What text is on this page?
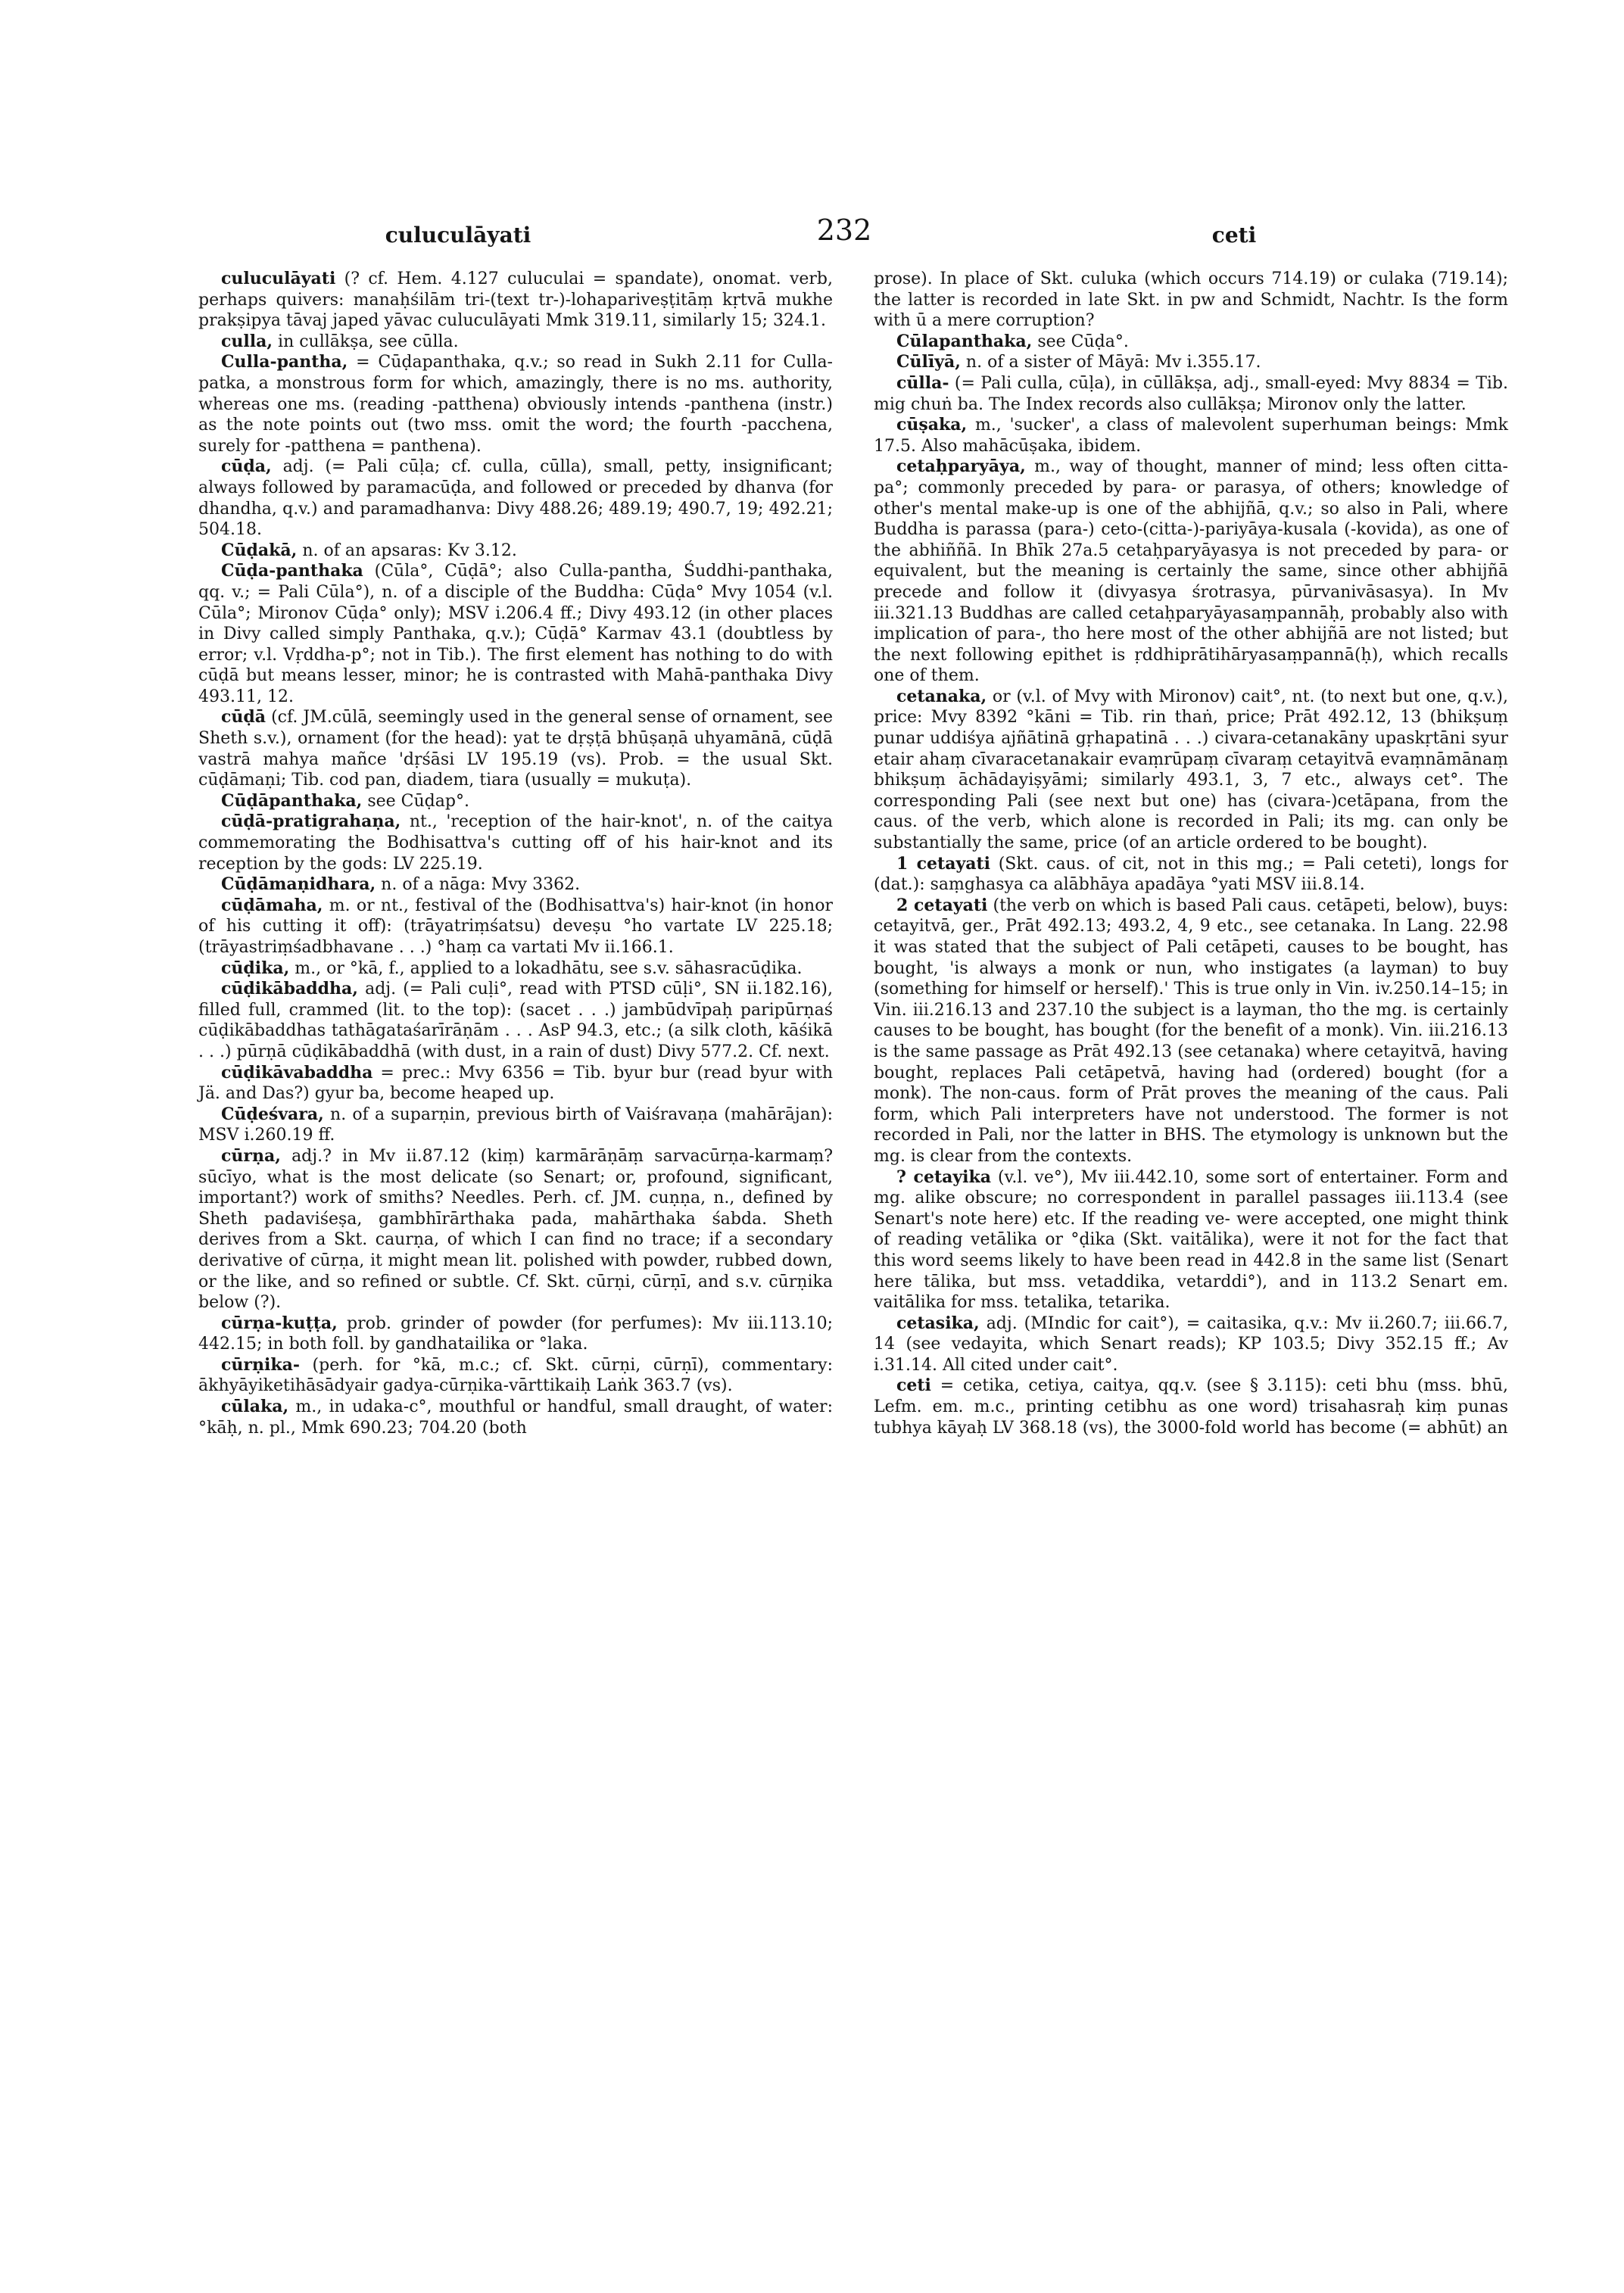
culuculāyati	232	ceti

culuculāyati (? cf. Hem. 4.127 culuculai = spandate), onomat. verb, perhaps quivers: manaḥśilām tri-(text tr-)-lohapariveṣṭitāṃ kṛtvā mukhe prakṣipya tāvaj japed yāvac culuculāyati Mmk 319.11, similarly 15; 324.1.

culla, in cullākṣa, see cūlla.

Culla-pantha, = Cūḍapanthaka, q.v.; so read in Sukh 2.11 for Culla-patka, a monstrous form for which, amazingly, there is no ms. authority, whereas one ms. (reading -patthena) obviously intends -panthena (instr.) as the note points out (two mss. omit the word; the fourth -pacchena, surely for -patthena = panthena).

cūḍa, adj. (= Pali cūḷa; cf. culla, cūlla), small, petty, insignificant; always followed by paramacūḍa, and followed or preceded by dhanva (for dhandha, q.v.) and paramadhanva: Divy 488.26; 489.19; 490.7, 19; 492.21; 504.18.

Cūḍakā, n. of an apsaras: Kv 3.12.

Cūḍa-panthaka (Cūla°, Cūḍā°; also Culla-pantha, Śuddhi-panthaka, qq. v.; = Pali Cūla°), n. of a disciple of the Buddha: Cūḍa° Mvy 1054 (v.l. Cūla°; Mironov Cūḍa° only); MSV i.206.4 ff.; Divy 493.12 (in other places in Divy called simply Panthaka, q.v.); Cūḍā° Karmav 43.1 (doubtless by error; v.l. Vṛddha-p°; not in Tib.). The first element has nothing to do with cūḍā but means lesser, minor; he is contrasted with Mahā-panthaka Divy 493.11, 12.

cūḍā (cf. JM.cūlā, seemingly used in the general sense of ornament, see Sheth s.v.), ornament (for the head): yat te dṛṣṭā bhūṣaṇā uhyamānā, cūḍā vastrā mahya mañce 'dṛśāsi LV 195.19 (vs). Prob. = the usual Skt. cūḍāmaṇi; Tib. cod pan, diadem, tiara (usually = mukuṭa).

Cūḍāpanthaka, see Cūḍap°.

cūḍā-pratigrahaṇa, nt., 'reception of the hair-knot', n. of the caitya commemorating the Bodhisattva's cutting off of his hair-knot and its reception by the gods: LV 225.19.

Cūḍāmaṇidhara, n. of a nāga: Mvy 3362.

cūḍāmaha, m. or nt., festival of the (Bodhisattva's) hair-knot (in honor of his cutting it off): (trāyatriṃśatsu) deveṣu °ho vartate LV 225.18; (trāyastriṃśadbhavane . . .) °haṃ ca vartati Mv ii.166.1.

cūḍika, m., or °kā, f., applied to a lokadhātu, see s.v. sāhasracūḍika.

cūḍikābaddha, adj. (= Pali cuḷi°, read with PTSD cūḷi°, SN ii.182.16), filled full, crammed (lit. to the top): (sacet . . .) jambūdvīpaḥ paripūrṇaś cūḍikābaddhas tathāgataśarīrāṇām . . . AsP 94.3, etc.; (a silk cloth, kāśikā . . .) pūrṇā cūḍikābaddhā (with dust, in a rain of dust) Divy 577.2. Cf. next.

cūḍikāvabaddha = prec.: Mvy 6356 = Tib. byur bur (read byur with Jä. and Das?) gyur ba, become heaped up.

Cūḍeśvara, n. of a suparṇin, previous birth of Vaiśravaṇa (mahārājan): MSV i.260.19 ff.

cūrṇa, adj.? in Mv ii.87.12 (kiṃ) karmārāṇāṃ sarvacūrṇa-karmaṃ? sūcīyo, what is the most delicate (so Senart; or, profound, significant, important?) work of smiths? Needles. Perh. cf. JM. cuṇṇa, n., defined by Sheth padaviśeṣa, gambhīrārthaka pada, mahārthaka śabda. Sheth derives from a Skt. caurṇa, of which I can find no trace; if a secondary derivative of cūrṇa, it might mean lit. polished with powder, rubbed down, or the like, and so refined or subtle. Cf. Skt. cūrṇi, cūrṇī, and s.v. cūrṇika below (?).

cūrṇa-kuṭṭa, prob. grinder of powder (for perfumes): Mv iii.113.10; 442.15; in both foll. by gandhatailika or °laka.

cūrṇika- (perh. for °kā, m.c.; cf. Skt. cūrṇi, cūrṇī), commentary: ākhyāyiketihāsādyair gadya-cūrṇika-vārttikaiḥ Laṅk 363.7 (vs).

cūlaka, m., in udaka-c°, mouthful or handful, small draught, of water: °kāḥ, n. pl., Mmk 690.23; 704.20 (both

prose). In place of Skt. culuka (which occurs 714.19) or culaka (719.14); the latter is recorded in late Skt. in pw and Schmidt, Nachtr. Is the form with ū a mere corruption?

Cūlapanthaka, see Cūḍa°.

Cūlīyā, n. of a sister of Māyā: Mv i.355.17.

cūlla- (= Pali culla, cūḷa), in cūllākṣa, adj., small-eyed: Mvy 8834 = Tib. mig chuṅ ba. The Index records also cullākṣa; Mironov only the latter.

cūṣaka, m., 'sucker', a class of malevolent superhuman beings: Mmk 17.5. Also mahācūṣaka, ibidem.

cetaḥparyāya, m., way of thought, manner of mind; less often citta-pa°; commonly preceded by para- or parasya, of others; knowledge of other's mental make-up is one of the abhijñā, q.v.; so also in Pali, where Buddha is parassa (para-) ceto-(citta-)-pariyāya-kusala (-kovida), as one of the abhiññā. In Bhīk 27a.5 cetaḥparyāyasya is not preceded by para- or equivalent, but the meaning is certainly the same, since other abhijñā precede and follow it (divyasya śrotrasya, pūrvanivāsasya). In Mv iii.321.13 Buddhas are called cetaḥparyāyasaṃpannāḥ, probably also with implication of para-, tho here most of the other abhijñā are not listed; but the next following epithet is ṛddhiprātihāryasaṃpannā(ḥ), which recalls one of them.

cetanaka, or (v.l. of Mvy with Mironov) cait°, nt. (to next but one, q.v.), price: Mvy 8392 °kāni = Tib. rin thaṅ, price; Prāt 492.12, 13 (bhikṣuṃ punar uddiśya ajñātinā gṛhapatinā . . .) civara-cetanakāny upaskṛtāni syur etair ahaṃ cīvaracetanakair evaṃrūpaṃ cīvaraṃ cetayitvā evaṃnāmānaṃ bhikṣuṃ āchādayiṣyāmi; similarly 493.1, 3, 7 etc., always cet°. The corresponding Pali (see next but one) has (civara-)cetāpana, from the caus. of the verb, which alone is recorded in Pali; its mg. can only be substantially the same, price (of an article ordered to be bought).

1 cetayati (Skt. caus. of cit, not in this mg.; = Pali ceteti), longs for (dat.): saṃghasya ca alābhāya apadāya °yati MSV iii.8.14.

2 cetayati (the verb on which is based Pali caus. cetāpeti, below), buys: cetayitvā, ger., Prāt 492.13; 493.2, 4, 9 etc., see cetanaka. In Lang. 22.98 it was stated that the subject of Pali cetāpeti, causes to be bought, has bought, 'is always a monk or nun, who instigates (a layman) to buy (something for himself or herself).' This is true only in Vin. iv.250.14–15; in Vin. iii.216.13 and 237.10 the subject is a layman, tho the mg. is certainly causes to be bought, has bought (for the benefit of a monk). Vin. iii.216.13 is the same passage as Prāt 492.13 (see cetanaka) where cetayitvā, having bought, replaces Pali cetāpetvā, having had (ordered) bought (for a monk). The non-caus. form of Prāt proves the meaning of the caus. Pali form, which Pali interpreters have not understood. The former is not recorded in Pali, nor the latter in BHS. The etymology is unknown but the mg. is clear from the contexts.

? cetayika (v.l. ve°), Mv iii.442.10, some sort of entertainer. Form and mg. alike obscure; no correspondent in parallel passages iii.113.4 (see Senart's note here) etc. If the reading ve- were accepted, one might think of reading vetālika or °ḍika (Skt. vaitālika), were it not for the fact that this word seems likely to have been read in 442.8 in the same list (Senart here tālika, but mss. vetaddika, vetarddi°), and in 113.2 Senart em. vaitālika for mss. tetalika, tetarika.

cetasika, adj. (MIndic for cait°), = caitasika, q.v.: Mv ii.260.7; iii.66.7, 14 (see vedayita, which Senart reads); KP 103.5; Divy 352.15 ff.; Av i.31.14. All cited under cait°.

ceti = cetika, cetiya, caitya, qq.v. (see § 3.115): ceti bhu (mss. bhū, Lefm. em. m.c., printing cetibhu as one word) trisahasraḥ kiṃ punas tubhya kāyaḥ LV 368.18 (vs), the 3000-fold world has become (= abhūt) an
